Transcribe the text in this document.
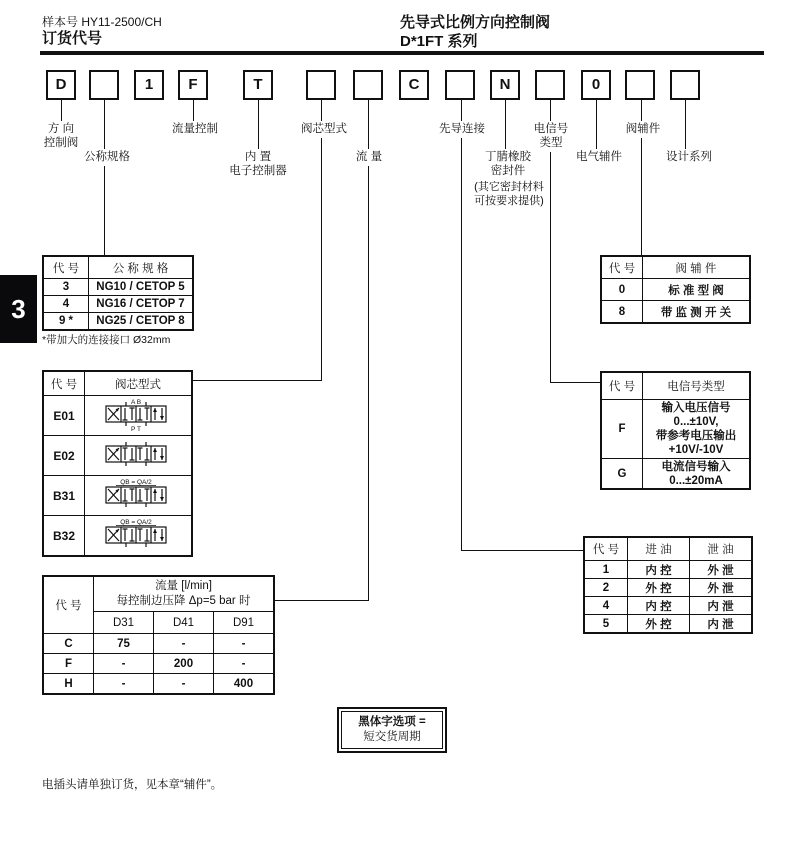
样本号 HY11-2500/CH
订货代号
先导式比例方向控制阀
D*1FT 系列
3
D	1	F	T	C	N	0
方 向
控制阀
公称规格
流量控制
内 置
电子控制器
阀芯型式
流 量
先导连接
丁腈橡胶
密封件
(其它密封材料
可按要求提供)
电信号
类型
电气辅件
阀辅件
设计系列
代 号	公 称 规 格
3	NG10 / CETOP 5
4	NG16 / CETOP 7
9 *	NG25 / CETOP 8
*带加大的连接接口 Ø32mm
代 号	阀芯型式
E01	A B
P T

E02	

B31	QB = QA/2

B32	QB = QA/2
代 号	流量 [l/min]
每控制边压降 Δp=5 bar 时		

	D31	D41	D91
C	75	-	-
F	-	200	-
H	-	-	400
代 号	阀 辅 件
0	标 准 型 阀
8	带 监 测 开 关
代 号	电信号类型
F	输入电压信号
0...±10V,
带参考电压输出
+10V/-10V

G	电流信号输入
0...±20mA
代 号	进 油	泄 油
1	内 控	外 泄
2	外 控	外 泄
4	内 控	内 泄
5	外 控	内 泄
黑体字选项 =
短交货周期
电插头请单独订货，见本章“辅件”。
